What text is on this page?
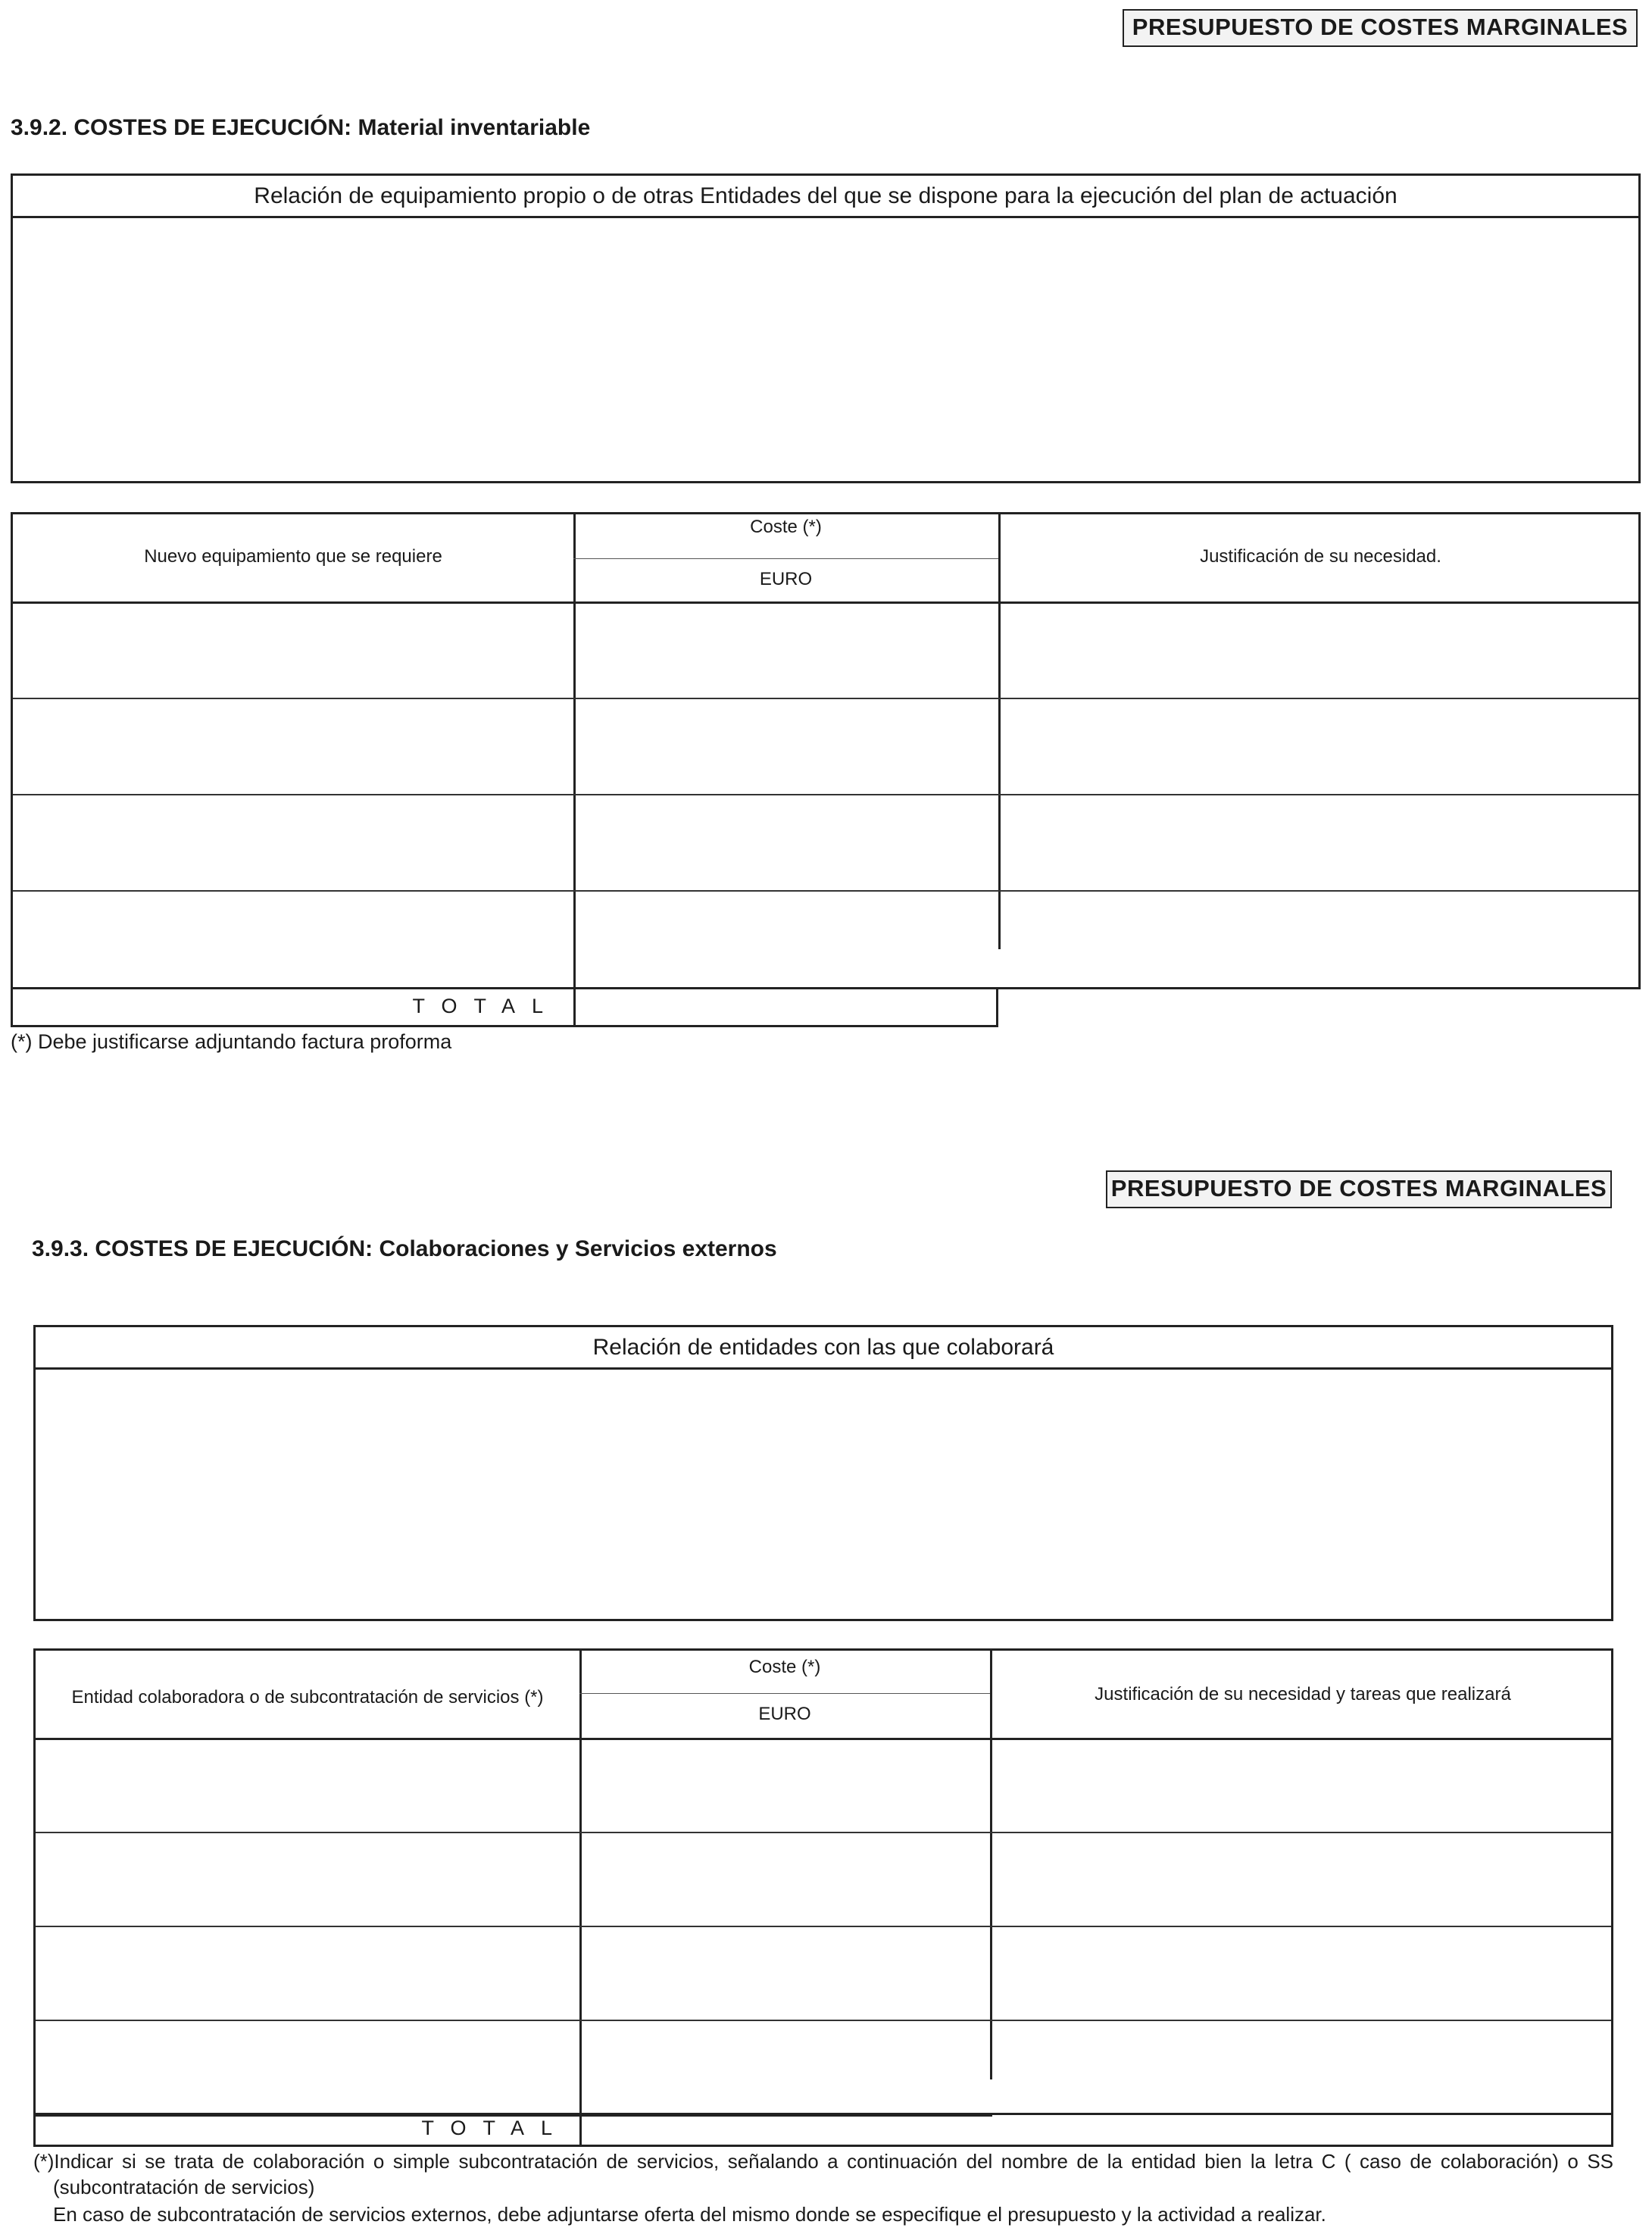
PRESUPUESTO DE COSTES MARGINALES
3.9.2. COSTES DE EJECUCIÓN: Material inventariable
Relación de equipamiento propio o de otras Entidades del que se dispone para la ejecución del plan de actuación
Nuevo equipamiento que se requiere
Coste (*)
EURO
Justificación de su necesidad.
TOTAL
(*) Debe justificarse adjuntando factura proforma
PRESUPUESTO DE COSTES MARGINALES
3.9.3. COSTES DE EJECUCIÓN: Colaboraciones y Servicios externos
Relación de entidades con las que colaborará
Entidad colaboradora o de subcontratación de servicios (*)
Coste (*)
EURO
Justificación de su necesidad y tareas que realizará
TOTAL
(*)Indicar si se trata de colaboración o simple subcontratación de servicios, señalando a continuación del nombre de la entidad bien la letra C ( caso de colaboración) o SS (subcontratación de servicios)
En caso de subcontratación de servicios externos, debe adjuntarse oferta del mismo donde se especifique el presupuesto y la actividad a realizar.
